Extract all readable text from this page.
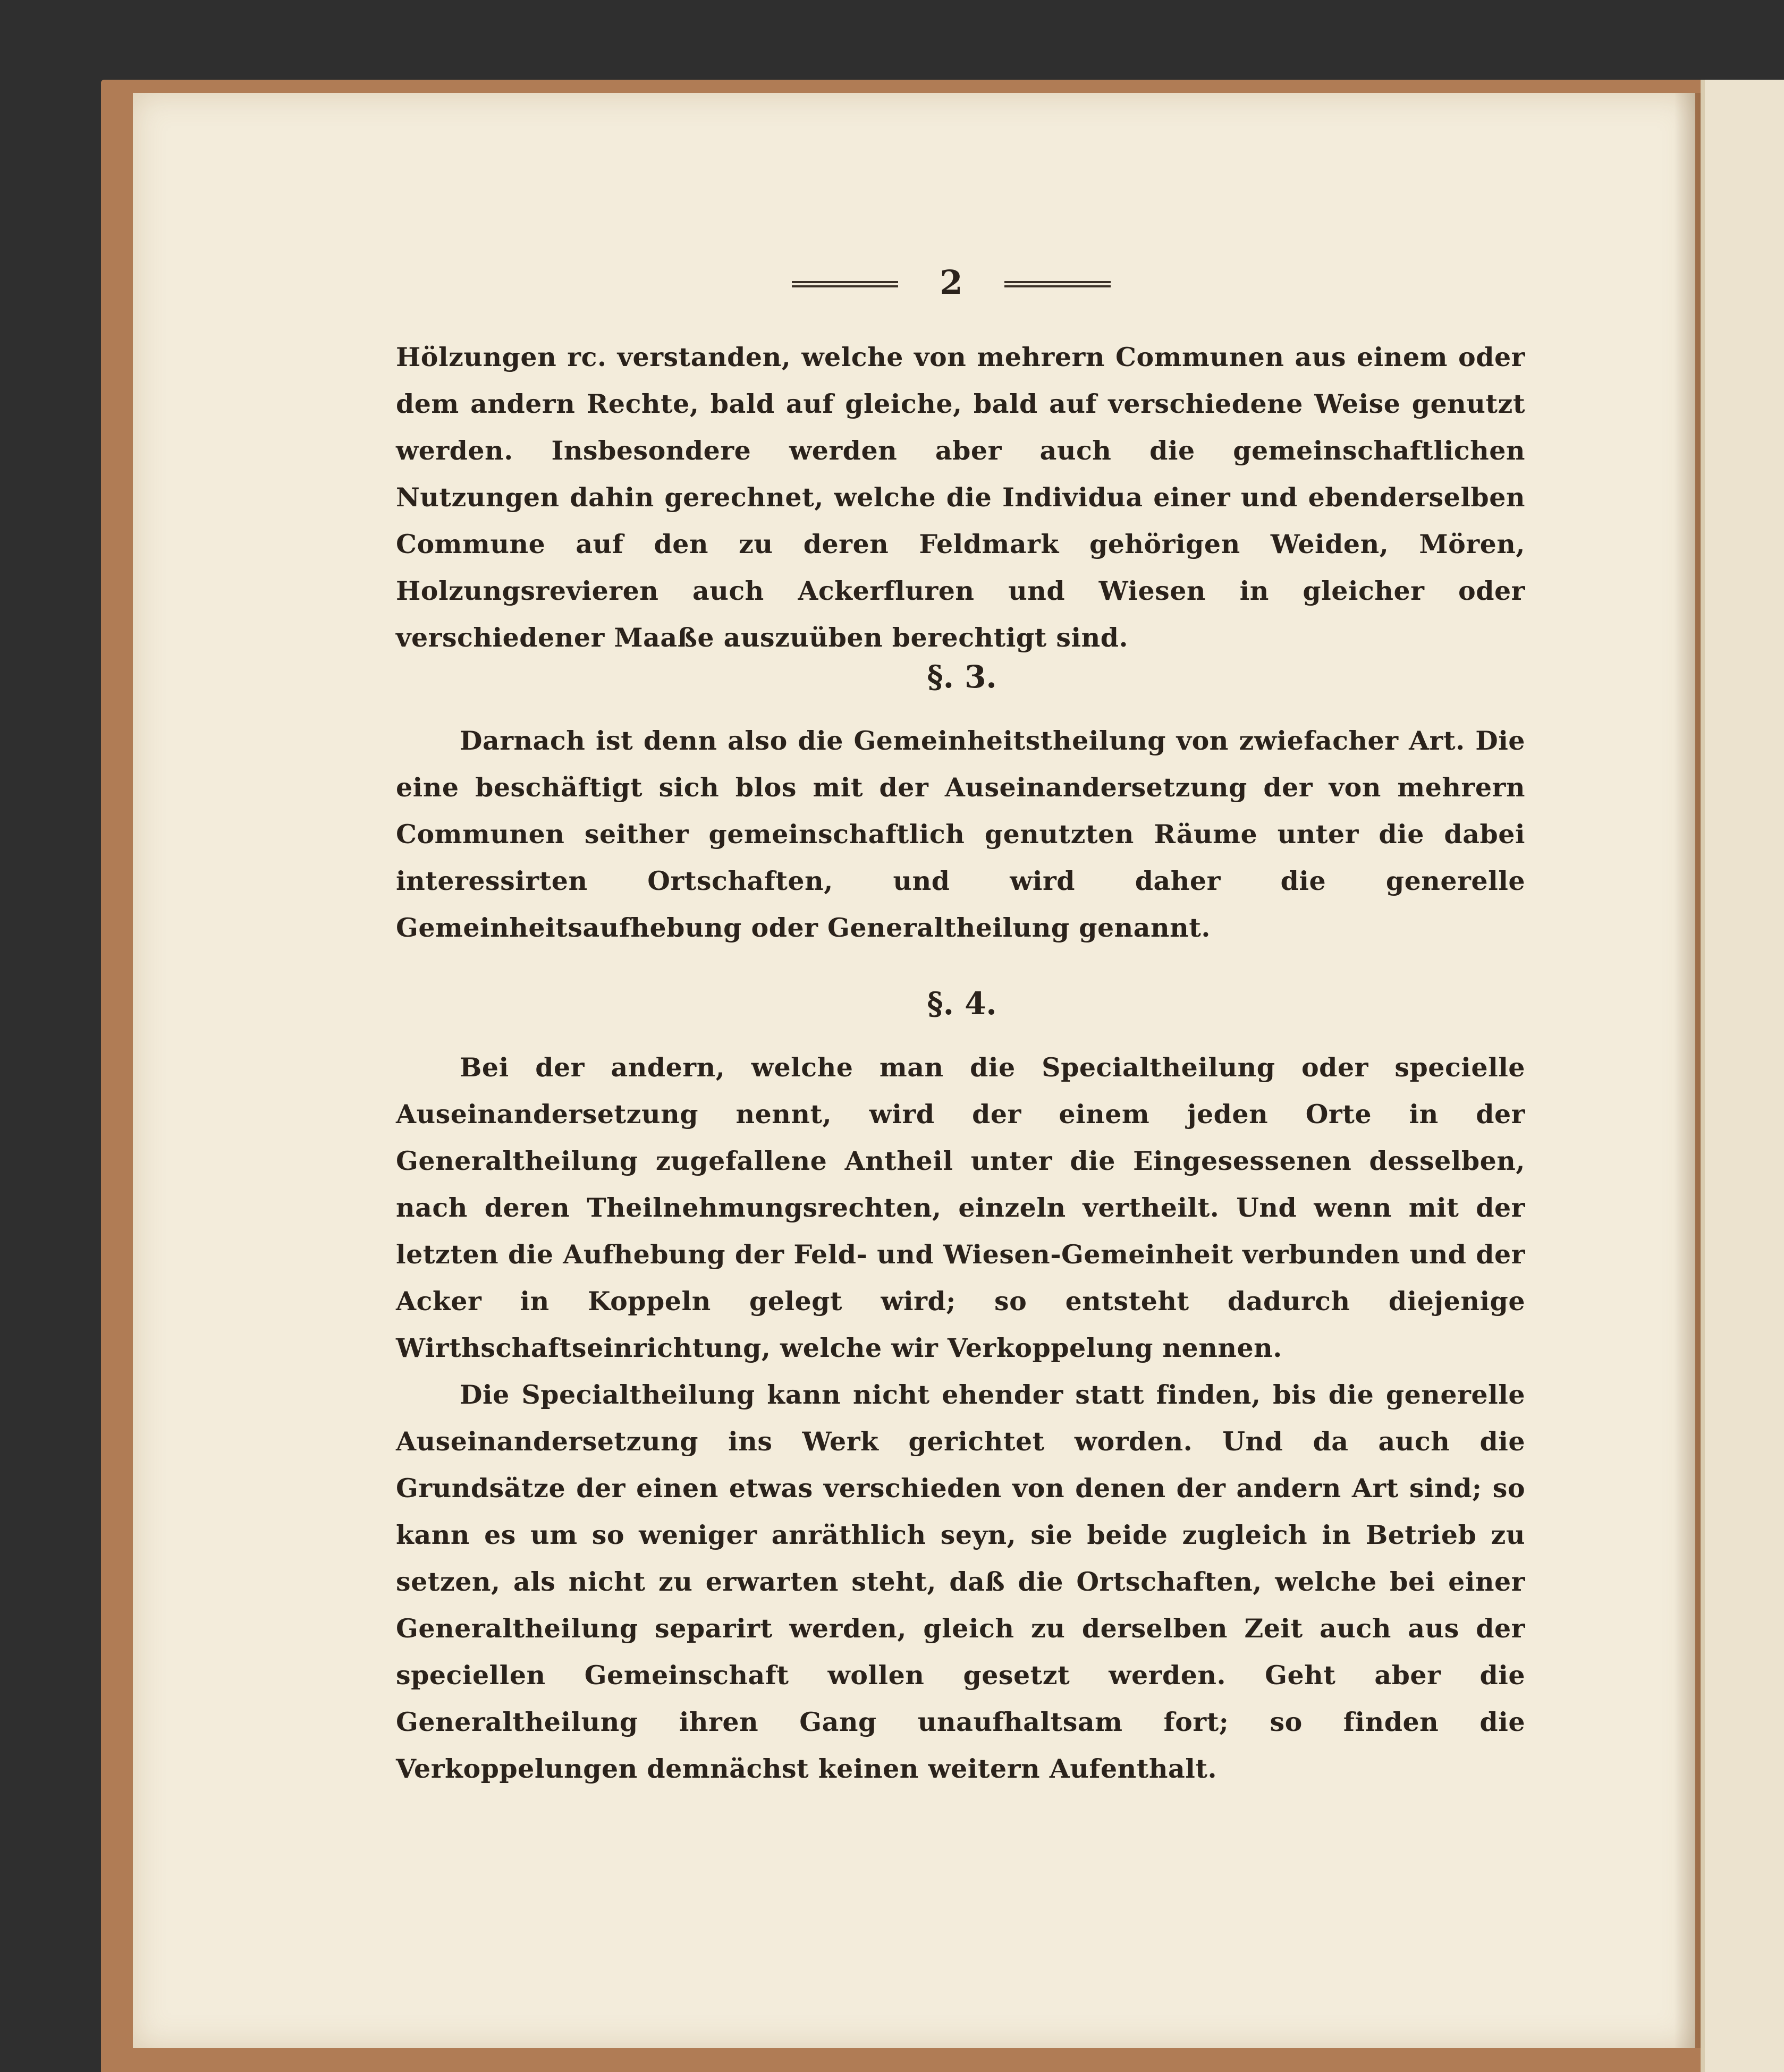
2

Hölzungen rc. verstanden, welche von mehrern Communen aus einem oder dem andern Rechte, bald auf gleiche, bald auf verschiedene Weise genutzt werden. Insbesondere werden aber auch die gemeinschaftlichen Nutzungen dahin gerechnet, welche die Individua einer und ebenderselben Commune auf den zu deren Feldmark gehörigen Weiden, Mören, Holzungsrevieren auch Ackerfluren und Wiesen in gleicher oder verschiedener Maaße auszuüben berechtigt sind.

§. 3.

Darnach ist denn also die Gemeinheitstheilung von zwiefacher Art. Die eine beschäftigt sich blos mit der Auseinandersetzung der von mehrern Communen seither gemeinschaftlich genutzten Räume unter die dabei interessirten Ortschaften, und wird daher die generelle Gemeinheitsaufhebung oder Generaltheilung genannt.

§. 4.

Bei der andern, welche man die Specialtheilung oder specielle Auseinandersetzung nennt, wird der einem jeden Orte in der Generaltheilung zugefallene Antheil unter die Eingesessenen desselben, nach deren Theilnehmungsrechten, einzeln vertheilt. Und wenn mit der letzten die Aufhebung der Feld- und Wiesen-Gemeinheit verbunden und der Acker in Koppeln gelegt wird; so entsteht dadurch diejenige Wirthschaftseinrichtung, welche wir Verkoppelung nennen.

Die Specialtheilung kann nicht ehender statt finden, bis die generelle Auseinandersetzung ins Werk gerichtet worden. Und da auch die Grundsätze der einen etwas verschieden von denen der andern Art sind; so kann es um so weniger anräthlich seyn, sie beide zugleich in Betrieb zu setzen, als nicht zu erwarten steht, daß die Ortschaften, welche bei einer Generaltheilung separirt werden, gleich zu derselben Zeit auch aus der speciellen Gemeinschaft wollen gesetzt werden. Geht aber die Generaltheilung ihren Gang unaufhaltsam fort; so finden die Verkoppelungen demnächst keinen weitern Aufenthalt.
